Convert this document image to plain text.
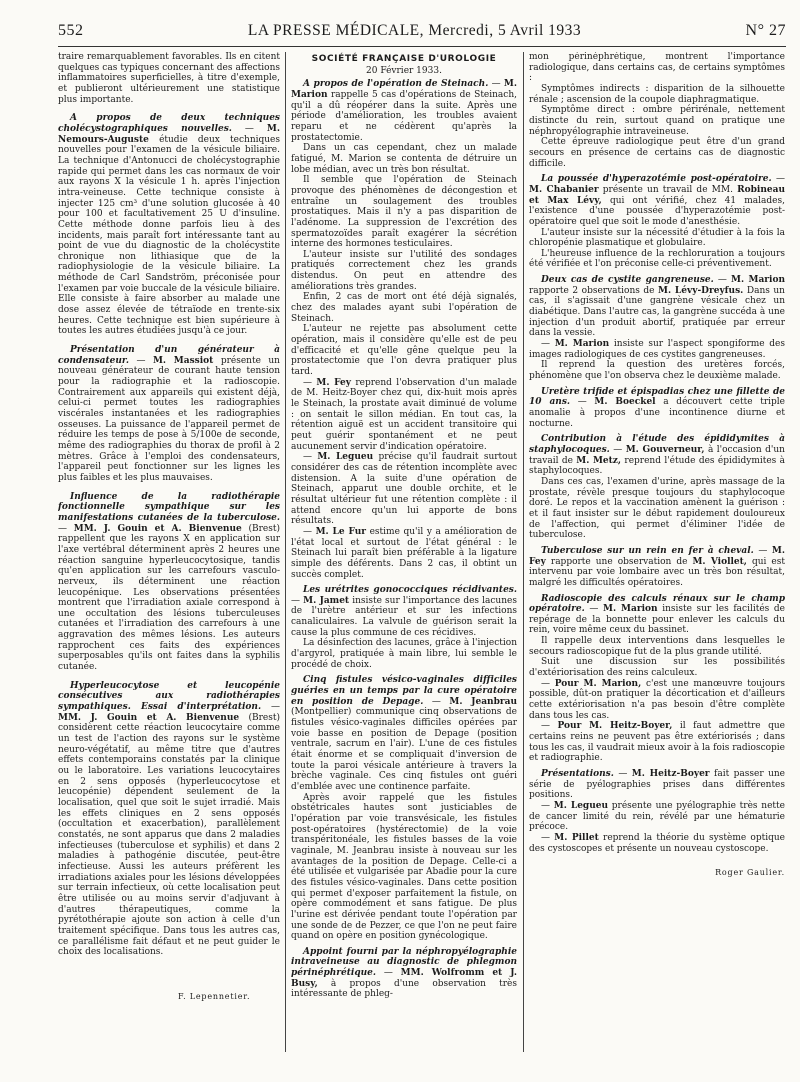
552	LA PRESSE MÉDICALE, Mercredi, 5 Avril 1933	N° 27

traire remarquablement favorables. Ils en citent quelques cas typiques concernant des affections inflammatoires superficielles, à titre d'exemple, et publieront ultérieurement une statistique plus importante.

A propos de deux techniques cholécystographiques nouvelles. — M. Nemours-Auguste étudie deux techniques nouvelles pour l'examen de la vésicule biliaire. La technique d'Antonucci de cholécystographie rapide qui permet dans les cas normaux de voir aux rayons X la vésicule 1 h. après l'injection intra-veineuse. Cette technique consiste à injecter 125 cm³ d'une solution glucosée à 40 pour 100 et facultativement 25 U d'insuline. Cette méthode donne parfois lieu à des incidents, mais paraît fort intéressante tant au point de vue du diagnostic de la cholécystite chronique non lithiasique que de la radiophysiologie de la vésicule biliaire. La méthode de Carl Sandström, préconisée pour l'examen par voie buccale de la vésicule biliaire. Elle consiste à faire absorber au malade une dose assez élevée de tétraïode en trente-six heures. Cette technique est bien supérieure à toutes les autres étudiées jusqu'à ce jour.

Présentation d'un générateur à condensateur. — M. Massiot présente un nouveau générateur de courant haute tension pour la radiographie et la radioscopie. Contrairement aux appareils qui existent déjà, celui-ci permet toutes les radiographies viscérales instantanées et les radiographies osseuses. La puissance de l'appareil permet de réduire les temps de pose à 5/100e de seconde, même des radiographies du thorax de profil à 2 mètres. Grâce à l'emploi des condensateurs, l'appareil peut fonctionner sur les lignes les plus faibles et les plus mauvaises.

Influence de la radiothérapie fonctionnelle sympathique sur les manifestations cutanées de la tuberculose. — MM. J. Gouin et A. Bienvenue (Brest) rappellent que les rayons X en application sur l'axe vertébral déterminent après 2 heures une réaction sanguine hyperleucocytosique, tandis qu'en application sur les carrefours vasculo-nerveux, ils déterminent une réaction leucopénique. Les observations présentées montrent que l'irradiation axiale correspond à une occultation des lésions tuberculeuses cutanées et l'irradiation des carrefours à une aggravation des mêmes lésions. Les auteurs rapprochent ces faits des expériences superposables qu'ils ont faites dans la syphilis cutanée.

Hyperleucocytose et leucopénie consécutives aux radiothérapies sympathiques. Essai d'interprétation. — MM. J. Gouin et A. Bienvenue (Brest) considèrent cette réaction leucocytaire comme un test de l'action des rayons sur le système neuro-végétatif, au même titre que d'autres effets contemporains constatés par la clinique ou le laboratoire. Les variations leucocytaires en 2 sens opposés (hyperleucocytose et leucopénie) dépendent seulement de la localisation, quel que soit le sujet irradié. Mais les effets cliniques en 2 sens opposés (occultation et exacerbation), parallèlement constatés, ne sont apparus que dans 2 maladies infectieuses (tuberculose et syphilis) et dans 2 maladies à pathogénie discutée, peut-être infectieuse. Aussi les auteurs préfèrent les irradiations axiales pour les lésions développées sur terrain infectieux, où cette localisation peut être utilisée ou au moins servir d'adjuvant à d'autres thérapeutiques, comme la pyrétothérapie ajoute son action à celle d'un traitement spécifique. Dans tous les autres cas, ce parallélisme fait défaut et ne peut guider le choix des localisations.

F. Lepennetier.
SOCIÉTÉ FRANÇAISE D'UROLOGIE
20 Février 1933.

A propos de l'opération de Steinach. — M. Marion rappelle 5 cas d'opérations de Steinach, qu'il a dû réopérer dans la suite. Après une période d'amélioration, les troubles avaient reparu et ne cédèrent qu'après la prostatectomie.

Dans un cas cependant, chez un malade fatigué, M. Marion se contenta de détruire un lobe médian, avec un très bon résultat.

Il semble que l'opération de Steinach provoque des phénomènes de décongestion et entraîne un soulagement des troubles prostatiques. Mais il n'y a pas disparition de l'adénome. La suppression de l'excrétion des spermatozoïdes paraît exagérer la sécrétion interne des hormones testiculaires.

L'auteur insiste sur l'utilité des sondages pratiqués correctement chez les grands distendus. On peut en attendre des améliorations très grandes.

Enfin, 2 cas de mort ont été déjà signalés, chez des malades ayant subi l'opération de Steinach.

L'auteur ne rejette pas absolument cette opération, mais il considère qu'elle est de peu d'efficacité et qu'elle gêne quelque peu la prostatectomie que l'on devra pratiquer plus tard.

— M. Fey reprend l'observation d'un malade de M. Heitz-Boyer chez qui, dix-huit mois après le Steinach, la prostate avait diminué de volume : on sentait le sillon médian. En tout cas, la rétention aiguë est un accident transitoire qui peut guérir spontanément et ne peut aucunement servir d'indication opératoire.

— M. Legueu précise qu'il faudrait surtout considérer des cas de rétention incomplète avec distension. A la suite d'une opération de Steinach, apparut une double orchite, et le résultat ultérieur fut une rétention complète : il attend encore qu'un lui apporte de bons résultats.

— M. Le Fur estime qu'il y a amélioration de l'état local et surtout de l'état général : le Steinach lui paraît bien préférable à la ligature simple des déférents. Dans 2 cas, il obtint un succès complet.

Les urétrites gonococciques récidivantes. — M. Jamet insiste sur l'importance des lacunes de l'urètre antérieur et sur les infections canaliculaires. La valvule de guérison serait la cause la plus commune de ces récidives.

La désinfection des lacunes, grâce à l'injection d'argyrol, pratiquée à main libre, lui semble le procédé de choix.

Cinq fistules vésico-vaginales difficiles guéries en un temps par la cure opératoire en position de Depage. — M. Jeanbrau (Montpellier) communique cinq observations de fistules vésico-vaginales difficiles opérées par voie basse en position de Depage (position ventrale, sacrum en l'air). L'une de ces fistules était énorme et se compliquait d'inversion de toute la paroi vésicale antérieure à travers la brèche vaginale. Ces cinq fistules ont guéri d'emblée avec une continence parfaite.

Après avoir rappelé que les fistules obstétricales hautes sont justiciables de l'opération par voie transvésicale, les fistules post-opératoires (hystérectomie) de la voie transpéritonéale, les fistules basses de la voie vaginale, M. Jeanbrau insiste à nouveau sur les avantages de la position de Depage. Celle-ci a été utilisée et vulgarisée par Abadie pour la cure des fistules vésico-vaginales. Dans cette position qui permet d'exposer parfaitement la fistule, on opère commodément et sans fatigue. De plus l'urine est dérivée pendant toute l'opération par une sonde de de Pezzer, ce que l'on ne peut faire quand on opère en position gynécologique.

Appoint fourni par la néphropyélographie intraveineuse au diagnostic de phlegmon périnéphrétique. — MM. Wolfromm et J. Busy, à propos d'une observation très intéressante de phleg-

mon périnéphrétique, montrent l'importance radiologique, dans certains cas, de certains symptômes :

Symptômes indirects : disparition de la silhouette rénale ; ascension de la coupole diaphragmatique.

Symptôme direct : ombre périrénale, nettement distincte du rein, surtout quand on pratique une néphropyélographie intraveineuse.

Cette épreuve radiologique peut être d'un grand secours en présence de certains cas de diagnostic difficile.

La poussée d'hyperazotémie post-opératoire. — M. Chabanier présente un travail de MM. Robineau et Max Lévy, qui ont vérifié, chez 41 malades, l'existence d'une poussée d'hyperazotémie post-opératoire quel que soit le mode d'anesthésie.

L'auteur insiste sur la nécessité d'étudier à la fois la chloropénie plasmatique et globulaire.

L'heureuse influence de la rechloruration a toujours été vérifiée et l'on préconise celle-ci préventivement.

Deux cas de cystite gangreneuse. — M. Marion rapporte 2 observations de M. Lévy-Dreyfus. Dans un cas, il s'agissait d'une gangrène vésicale chez un diabétique. Dans l'autre cas, la gangrène succéda à une injection d'un produit abortif, pratiquée par erreur dans la vessie.

— M. Marion insiste sur l'aspect spongiforme des images radiologiques de ces cystites gangreneuses.

Il reprend la question des uretères forcés, phénomène que l'on observa chez le deuxième malade.

Uretère trifide et épispadias chez une fillette de 10 ans. — M. Boeckel a découvert cette triple anomalie à propos d'une incontinence diurne et nocturne.

Contribution à l'étude des épididymites à staphylocoques. — M. Gouverneur, à l'occasion d'un travail de M. Metz, reprend l'étude des épididymites à staphylocoques.

Dans ces cas, l'examen d'urine, après massage de la prostate, révèle presque toujours du staphylocoque doré. Le repos et la vaccination amènent la guérison : et il faut insister sur le début rapidement douloureux de l'affection, qui permet d'éliminer l'idée de tuberculose.

Tuberculose sur un rein en fer à cheval. — M. Fey rapporte une observation de M. Viollet, qui est intervenu par voie lombaire avec un très bon résultat, malgré les difficultés opératoires.

Radioscopie des calculs rénaux sur le champ opératoire. — M. Marion insiste sur les facilités de repérage de la bonnette pour enlever les calculs du rein, voire même ceux du bassinet.

Il rappelle deux interventions dans lesquelles le secours radioscopique fut de la plus grande utilité.

Suit une discussion sur les possibilités d'extériorisation des reins calculeux.

— Pour M. Marion, c'est une manœuvre toujours possible, dût-on pratiquer la décortication et d'ailleurs cette extériorisation n'a pas besoin d'être complète dans tous les cas.

— Pour M. Heitz-Boyer, il faut admettre que certains reins ne peuvent pas être extériorisés ; dans tous les cas, il vaudrait mieux avoir à la fois radioscopie et radiographie.

Présentations. — M. Heitz-Boyer fait passer une série de pyélographies prises dans différentes positions.

— M. Legueu présente une pyélographie très nette de cancer limité du rein, révélé par une hématurie précoce.

— M. Pillet reprend la théorie du système optique des cystoscopes et présente un nouveau cystoscope.

Roger Gaulier.
